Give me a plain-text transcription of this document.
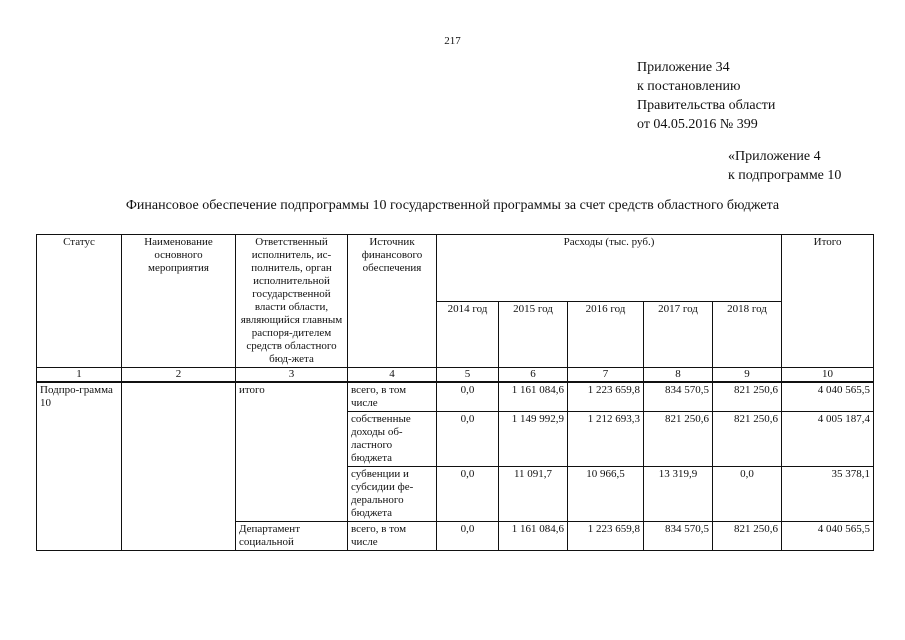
217
Приложение 34
к постановлению
Правительства области
от 04.05.2016 № 399
«Приложение 4
к подпрограмме 10
Финансовое обеспечение подпрограммы 10 государственной программы за счет средств областного бюджета
Статус	Наименование основного мероприятия	Ответственный исполнитель, ис-полнитель, орган исполнительной государственной власти области, являющийся главным распоря-дителем средств областного бюд-жета	Источник финансового обеспечения	Расходы (тыс. руб.)					Итого
				2014 год	2015 год	2016 год	2017 год	2018 год	
1	2	3	4	5	6	7	8	9	10
Подпро-грамма 10		итого	всего, в том числе	0,0	1 161 084,6	1 223 659,8	834 570,5	821 250,6	4 040 565,5
			собственные доходы об-ластного бюджета	0,0	1 149 992,9	1 212 693,3	821 250,6	821 250,6	4 005 187,4
			субвенции и субсидии фе-дерального бюджета	0,0	11 091,7	10 966,5	13 319,9	0,0	35 378,1
		Департамент социальной	всего, в том числе	0,0	1 161 084,6	1 223 659,8	834 570,5	821 250,6	4 040 565,5
